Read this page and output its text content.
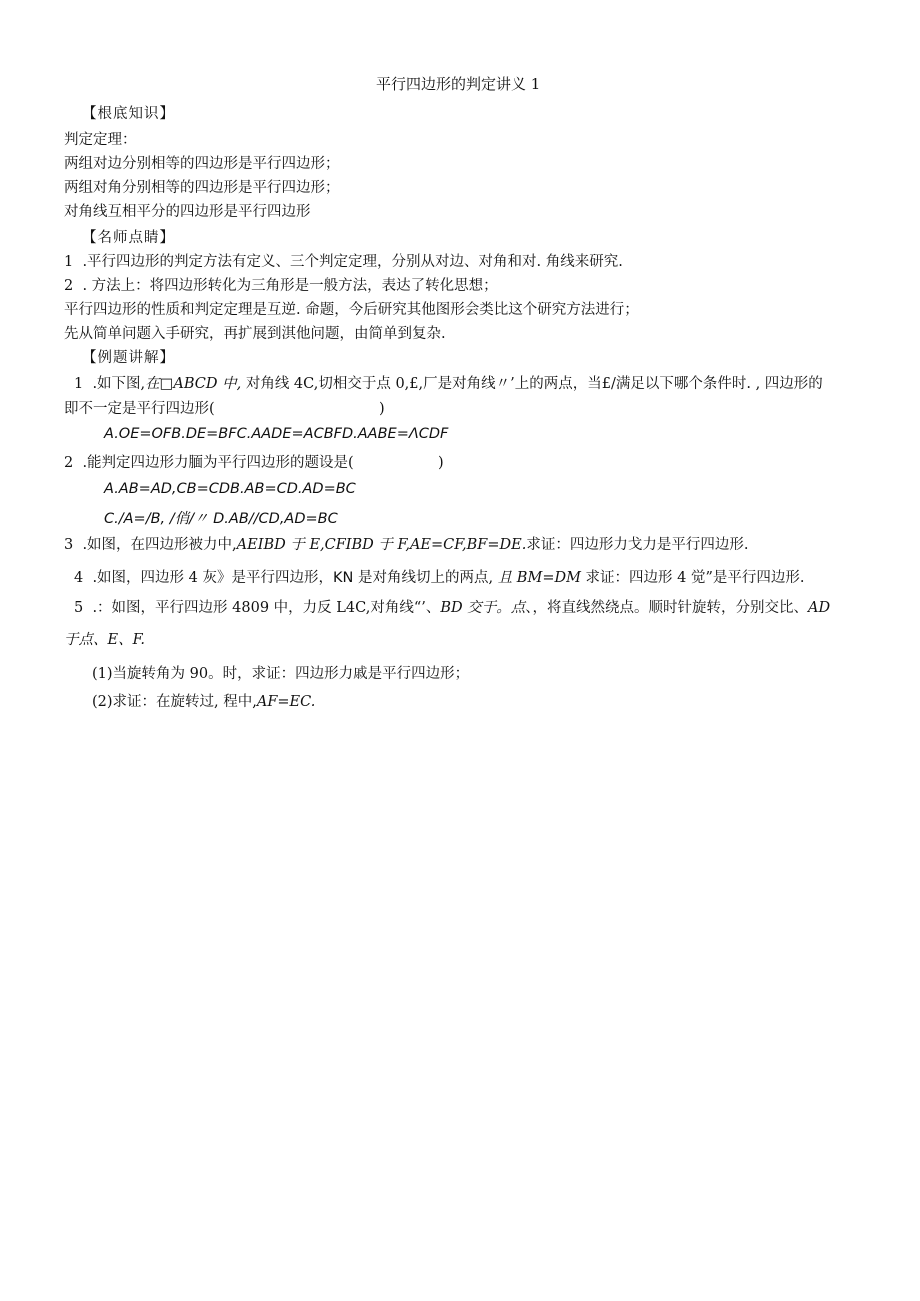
平行四边形的判定讲义 1
【根底知识】
判定定理：
两组对边分别相等的四边形是平行四边形；
两组对角分别相等的四边形是平行四边形；
对角线互相平分的四边形是平行四边形
【名师点睛】
1  .平行四边形的判定方法有定义、三个判定定理，分别从对边、对角和对. 角线来研究.
2  . 方法上：将四边形转化为三角形是一般方法，表达了转化思想；
平行四边形的性质和判定定理是互逆. 命题，今后研究其他图形会类比这个研究方法进行；
先从简单问题入手研究，再扩展到淇他问题，由简单到复杂.
【例题讲解】
1  .如下图,在□ABCD 中, 对角线 4C,切相交于点 0,£,厂是对角线〃’上的两点，当£/满足以下哪个条件时. , 四边形的
即不一定是平行四边形(	)
A.OE=OFB.DE=BFC.AADE=ACBFD.AABE=ΛCDF
2  .能判定四边形力腼为平行四边形的题设是(	)
A.AB=AD,CB=CDB.AB=CD.AD=BC
C.∕A=∕B, /俏/〃 D.AB//CD,AD=BC
3  .如图，在四边形被力中,AEIBD 于 E,CFIBD 于 F,AE=CF,BF=DE.求证：四边形力戈力是平行四边形.
4  .如图，四边形 4 灰》是平行四边形，KN 是对角线切上的两点, 且 BM=DM 求证：四边形 4 觉”是平行四边形.
5  .：如图，平行四边形 4809 中，力反 L4C,对角线“’、BD 交于。点、，将直线然绕点。顺时针旋转，分别交比、AD
于点、E、F.
(1)当旋转角为 90。时，求证：四边形力戚是平行四边形；
(2)求证：在旋转过, 程中,AF=EC.
